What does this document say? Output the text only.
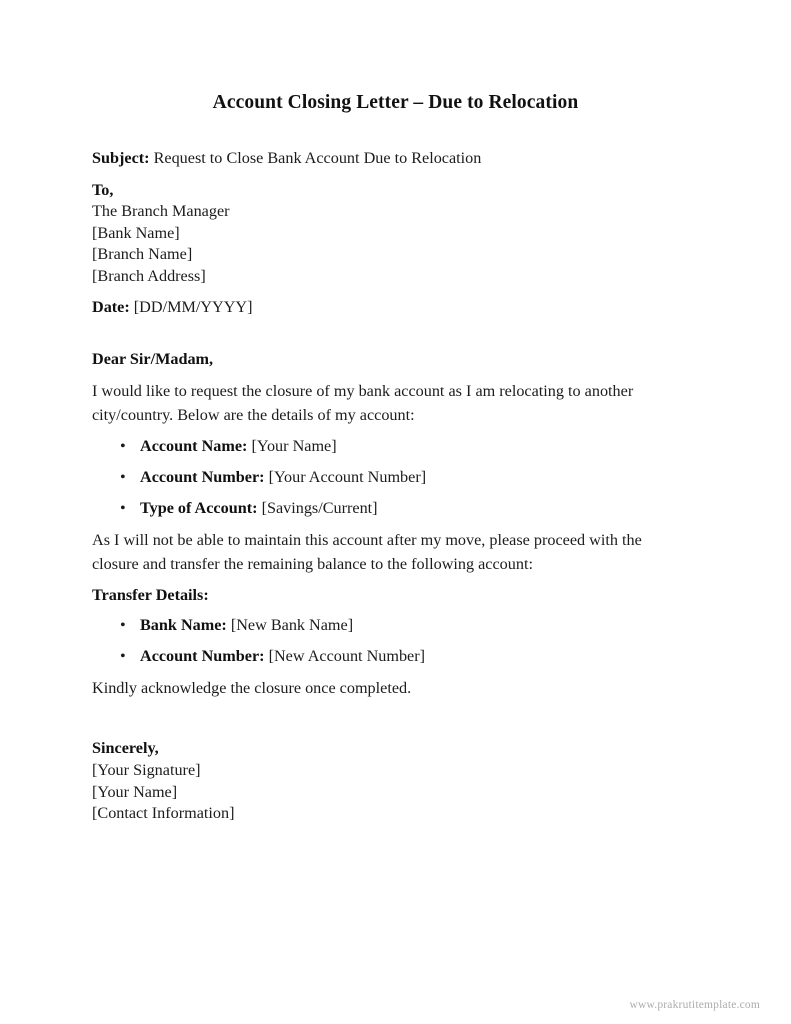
Account Closing Letter – Due to Relocation
Subject: Request to Close Bank Account Due to Relocation
To,
The Branch Manager
[Bank Name]
[Branch Name]
[Branch Address]
Date: [DD/MM/YYYY]
Dear Sir/Madam,

I would like to request the closure of my bank account as I am relocating to another city/country. Below are the details of my account:

• Account Name: [Your Name]
• Account Number: [Your Account Number]
• Type of Account: [Savings/Current]

As I will not be able to maintain this account after my move, please proceed with the closure and transfer the remaining balance to the following account:

Transfer Details:
• Bank Name: [New Bank Name]
• Account Number: [New Account Number]

Kindly acknowledge the closure once completed.

Sincerely,
[Your Signature]
[Your Name]
[Contact Information]
www.prakrutitemplate.com
